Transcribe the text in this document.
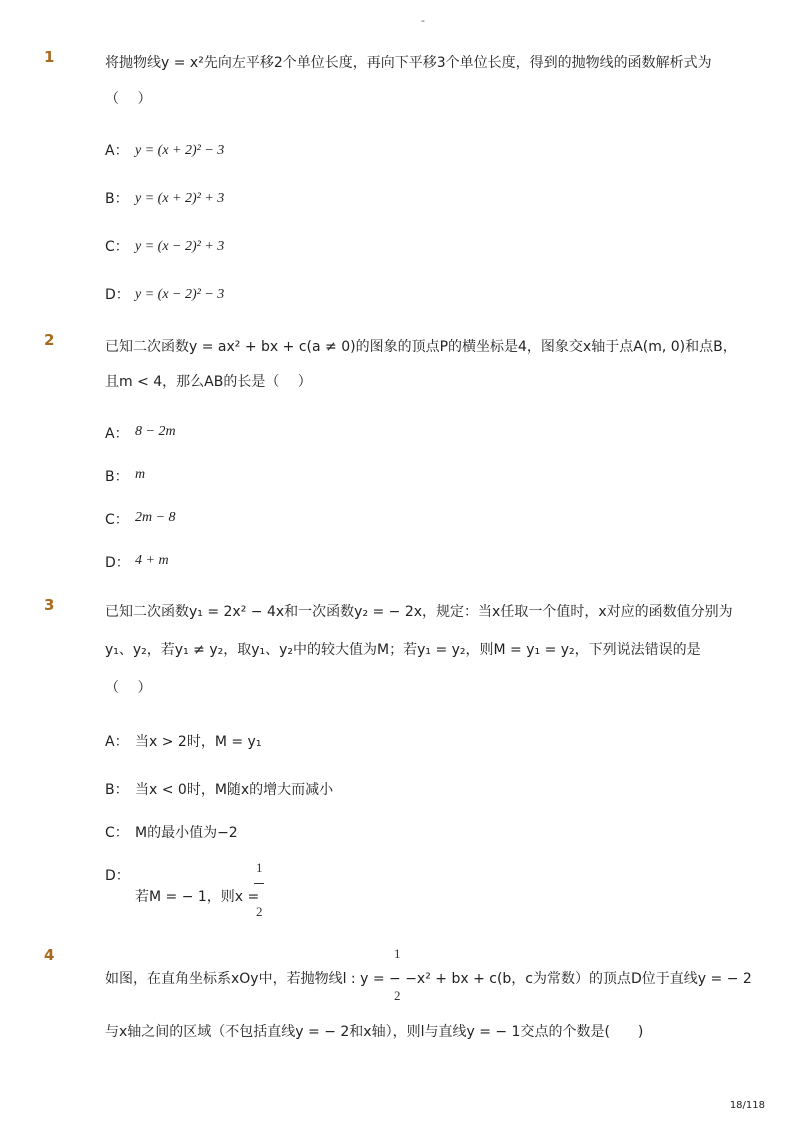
-
1	将抛物线y = x²先向左平移2个单位长度，再向下平移3个单位长度，得到的抛物线的函数解析式为
（　 ）
A： y = (x + 2)² − 3
B： y = (x + 2)² + 3
C： y = (x − 2)² + 3
D： y = (x − 2)² − 3
2	已知二次函数y = ax² + bx + c(a ≠ 0)的图象的顶点P的横坐标是4，图象交x轴于点A(m, 0)和点B，
且m < 4，那么AB的长是（　 ）
A： 8 − 2m
B： m
C： 2m − 8
D： 4 + m
3	已知二次函数y₁ = 2x² − 4x和一次函数y₂ = − 2x，规定：当x任取一个值时，x对应的函数值分别为
y₁、y₂，若y₁ ≠ y₂，取y₁、y₂中的较大值为M；若y₁ = y₂，则M = y₁ = y₂，下列说法错误的是
（　 ）
A： 当x > 2时，M = y₁
B： 当x < 0时，M随x的增大而减小
C： M的最小值为−2
D：
若M = − 1，则x =
1
2
4	1
如图，在直角坐标系xOy中，若抛物线l : y = − −x² + bx + c(b，c为常数）的顶点D位于直线y = − 2
2
与x轴之间的区域（不包括直线y = − 2和x轴），则l与直线y = − 1交点的个数是(　　)
18/118
